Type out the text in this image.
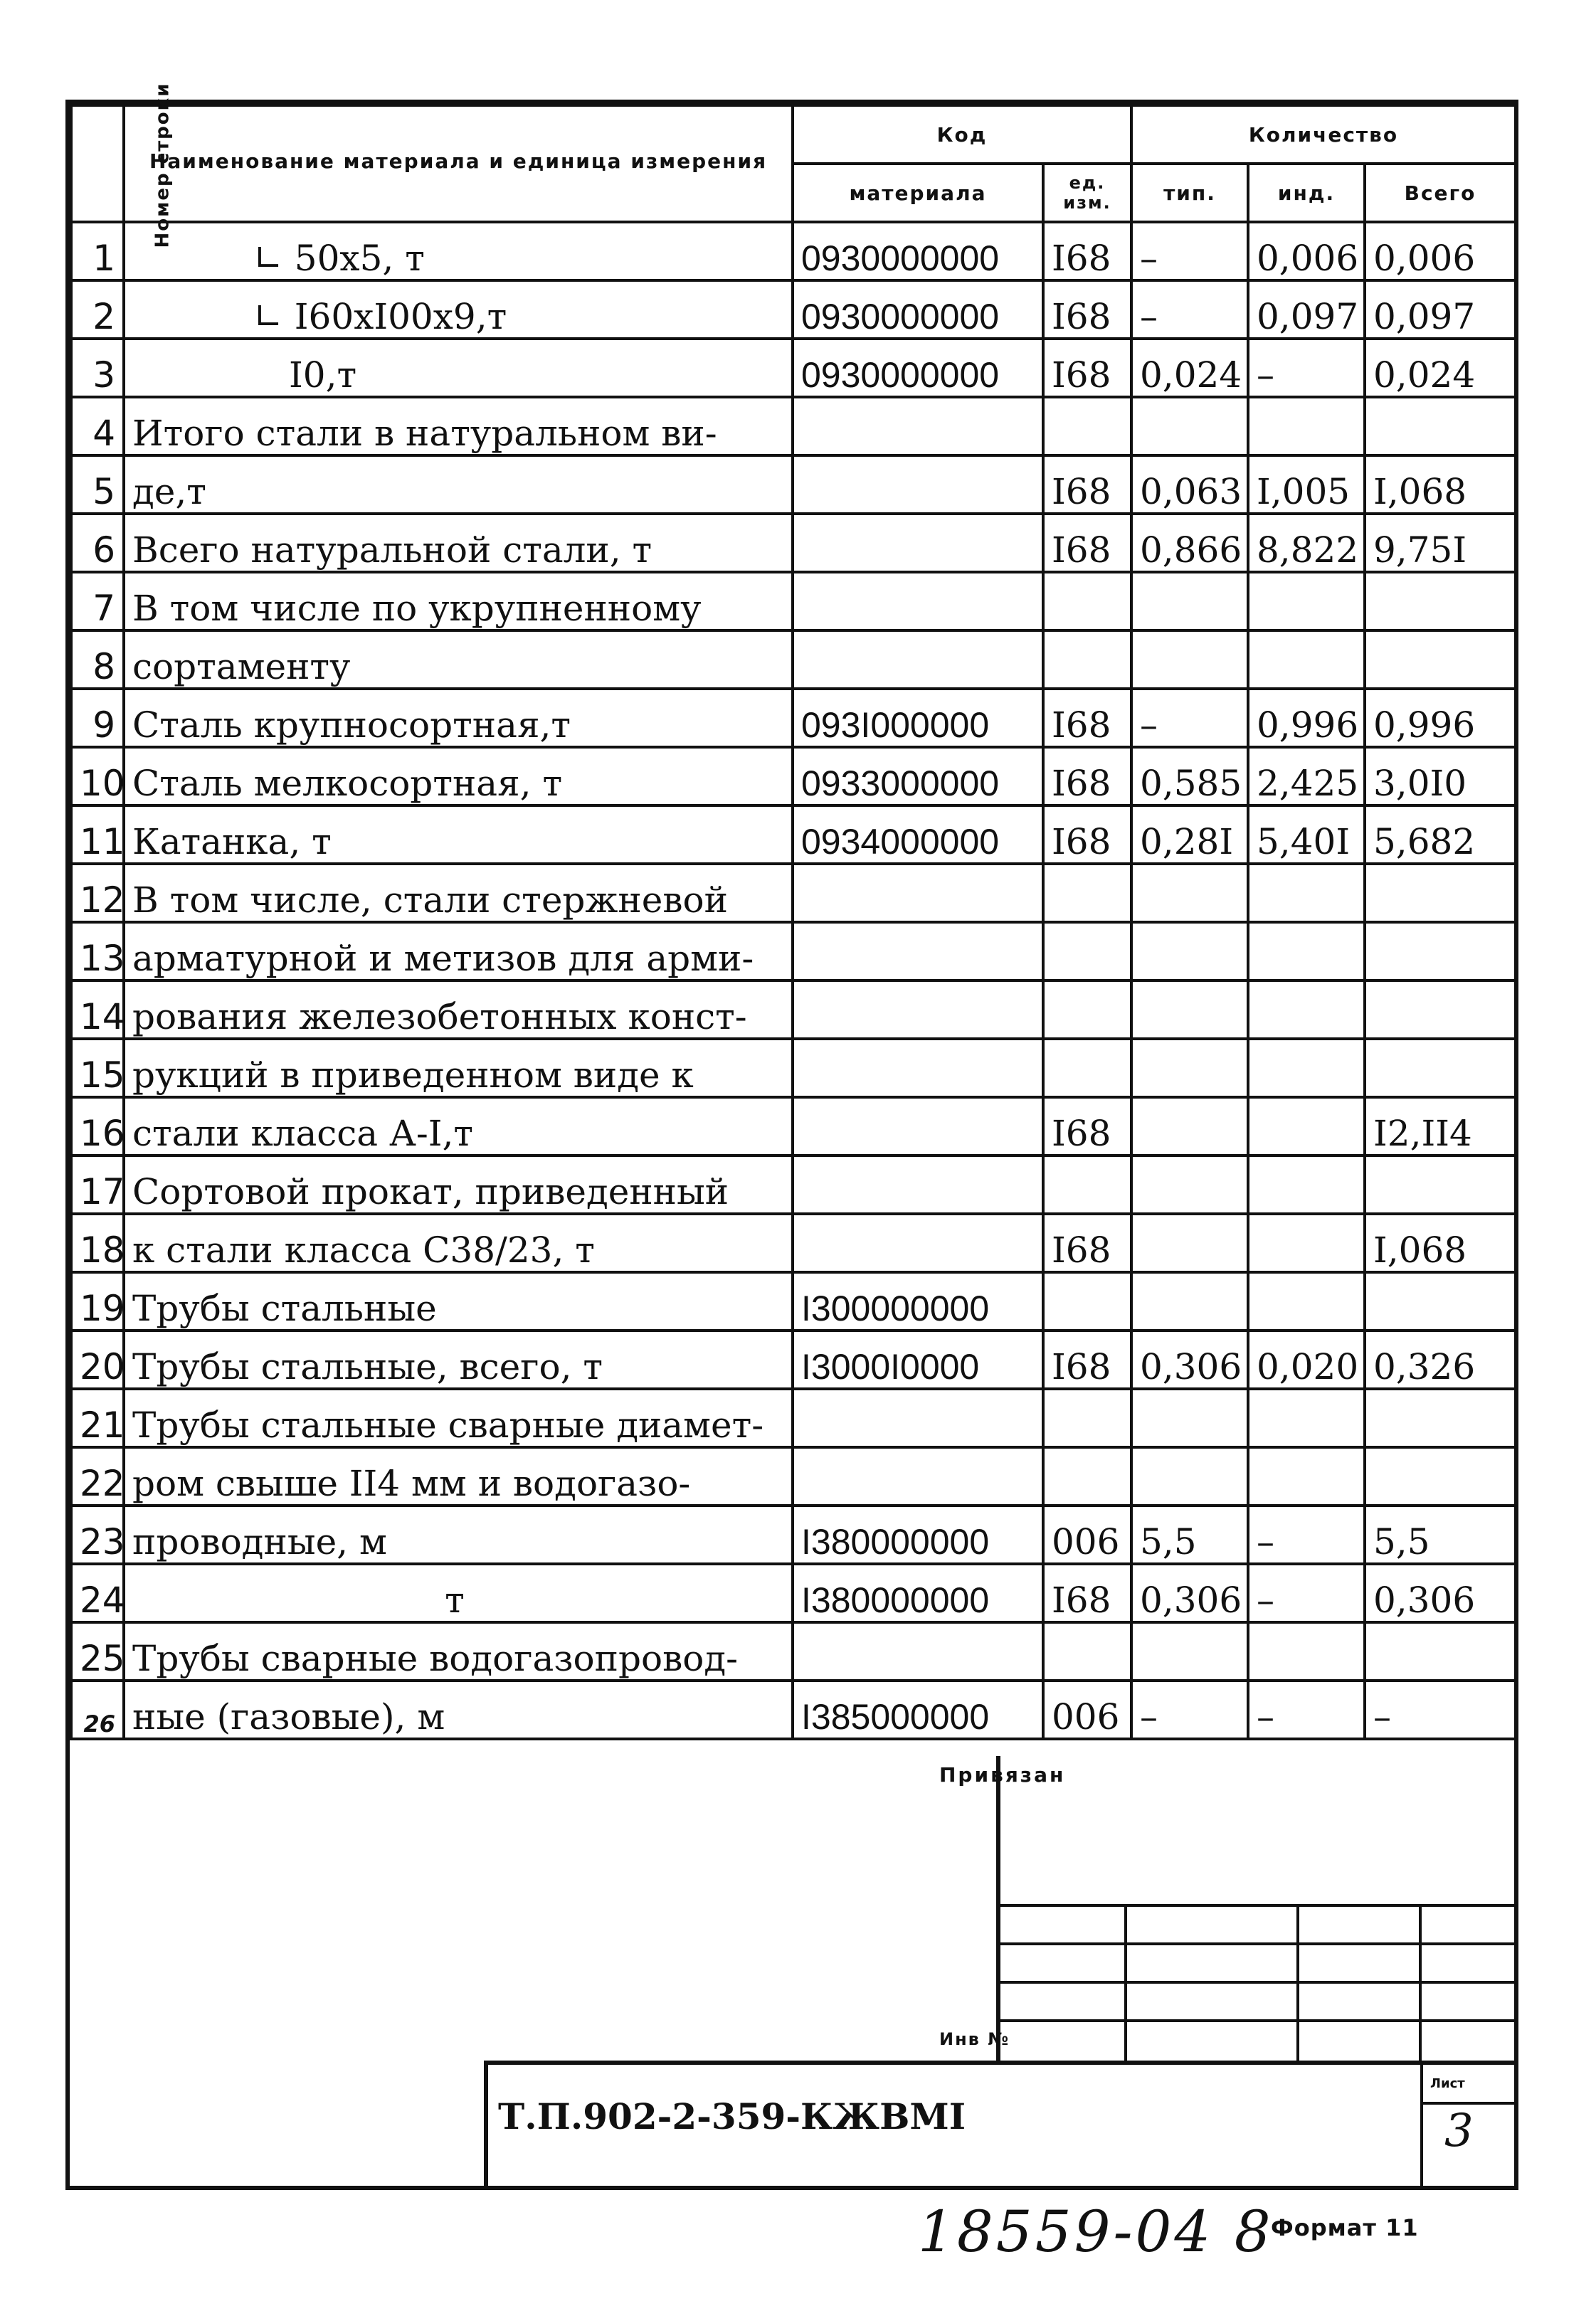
Номер строки	Наименование материала и единица измерения	Код		Количество		
		материала	ед. изм.	тип.	инд.	Всего
1	∟ 50x5, т	0930000000	I68	–	0,006	0,006
2	∟ I60xI00x9,т	0930000000	I68	–	0,097	0,097
3	I0,т	0930000000	I68	0,024	–	0,024
4	Итого стали в натуральном ви-					
5	де,т		I68	0,063	I,005	I,068
6	Всего натуральной стали, т		I68	0,866	8,822	9,75I
7	В том числе по укрупненному					
8	сортаменту					
9	Сталь крупносортная,т	093I000000	I68	–	0,996	0,996
10	Сталь мелкосортная, т	0933000000	I68	0,585	2,425	3,0I0
11	Катанка, т	0934000000	I68	0,28I	5,40I	5,682
12	В том числе, стали стержневой					
13	арматурной и метизов для арми-					
14	рования железобетонных конст-					
15	рукций в приведенном виде к					
16	стали класса А-I,т		I68			I2,II4
17	Сортовой прокат, приведенный					
18	к стали класса С38/23, т		I68			I,068
19	Трубы стальные	I300000000				
20	Трубы стальные, всего, т	I3000I0000	I68	0,306	0,020	0,326
21	Трубы стальные сварные диамет-					
22	ром свыше II4 мм и водогазо-					
23	проводные, м	I380000000	006	5,5	–	5,5
24	т	I380000000	I68	0,306	–	0,306
25	Трубы сварные водогазопровод-					
26	ные (газовые), м	I385000000	006	–	–	–
Привязан
Инв №
Т.П.902-2-359-КЖВМI
Лист
3
18559-04 8
Формат 11
